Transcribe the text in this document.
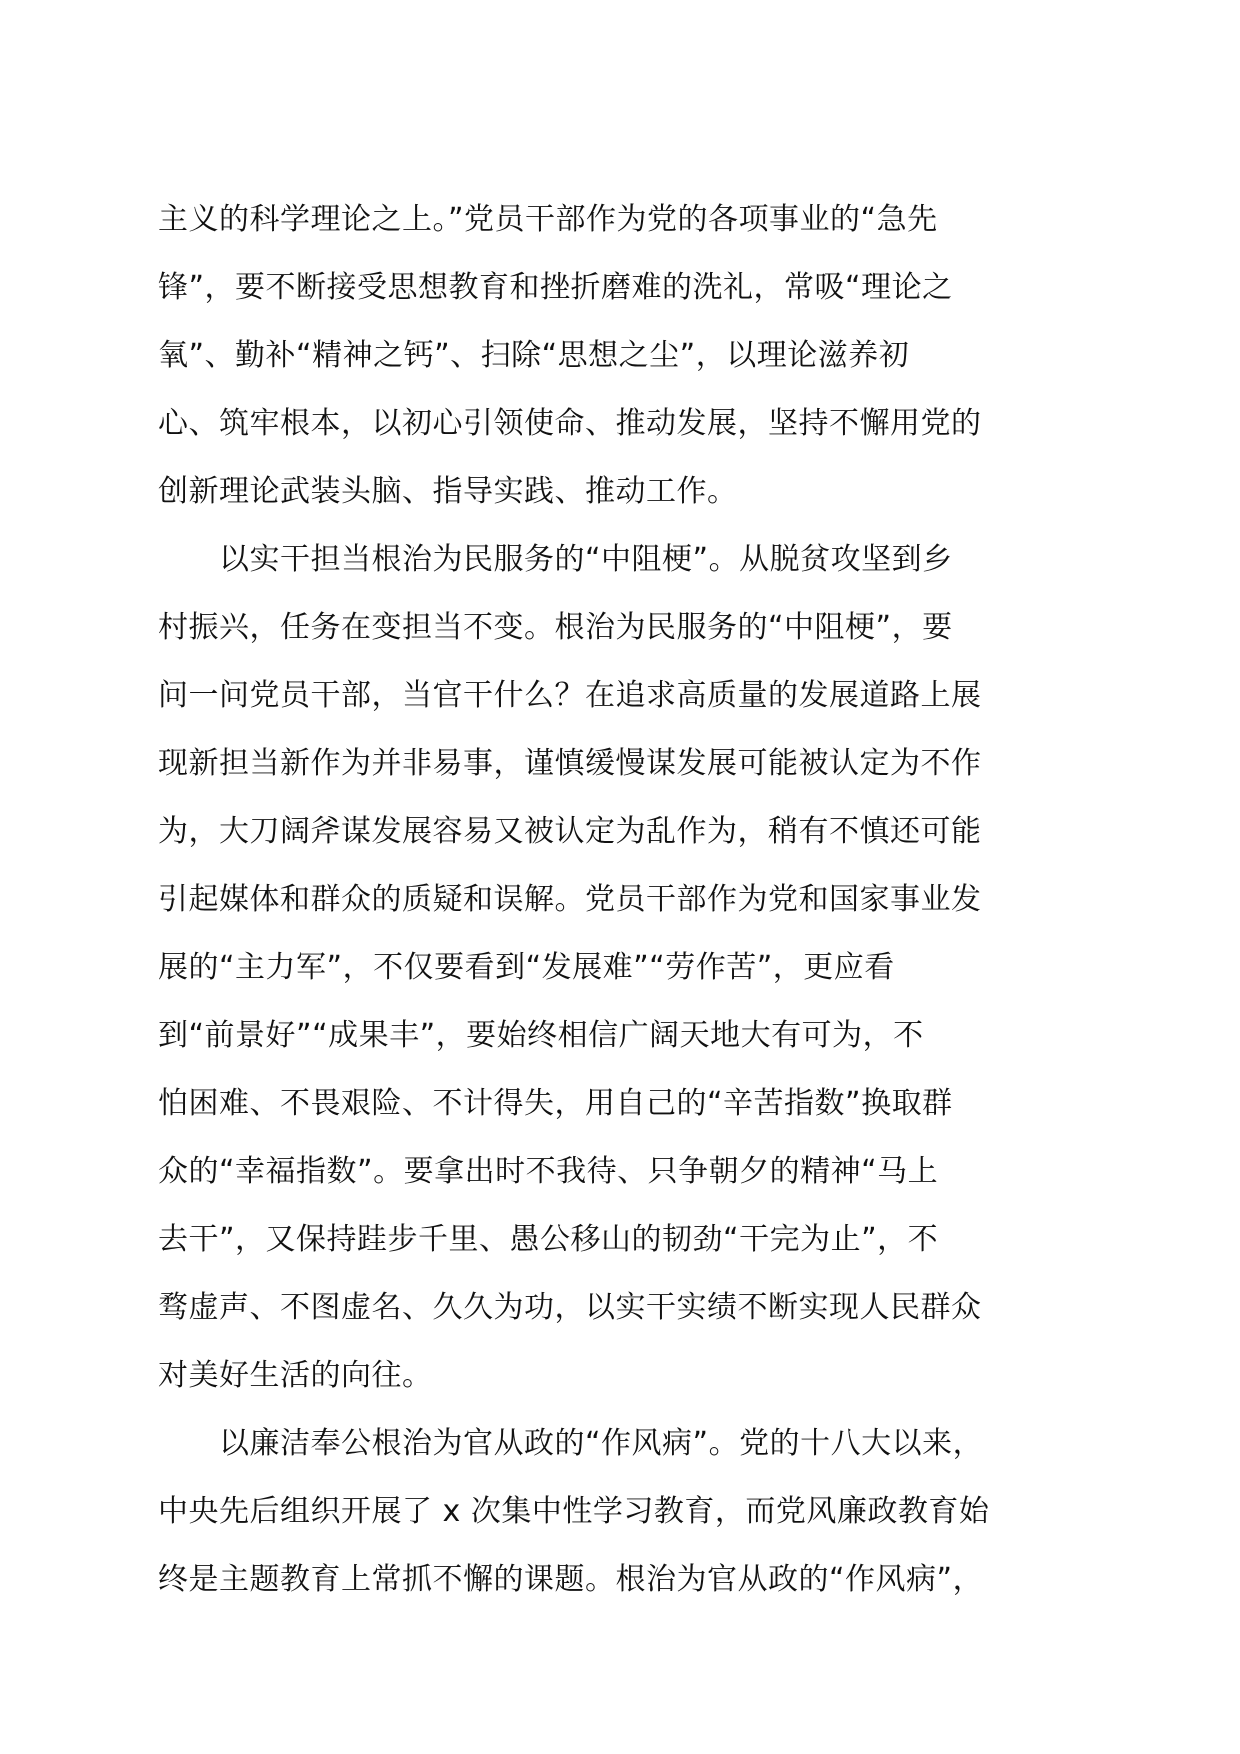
主义的科学理论之上。”党员干部作为党的各项事业的“急先
锋”，要不断接受思想教育和挫折磨难的洗礼，常吸“理论之
氧”、勤补“精神之钙”、扫除“思想之尘”，以理论滋养初
心、筑牢根本，以初心引领使命、推动发展，坚持不懈用党的
创新理论武装头脑、指导实践、推动工作。
以实干担当根治为民服务的“中阻梗”。从脱贫攻坚到乡
村振兴，任务在变担当不变。根治为民服务的“中阻梗”，要
问一问党员干部，当官干什么？在追求高质量的发展道路上展
现新担当新作为并非易事，谨慎缓慢谋发展可能被认定为不作
为，大刀阔斧谋发展容易又被认定为乱作为，稍有不慎还可能
引起媒体和群众的质疑和误解。党员干部作为党和国家事业发
展的“主力军”，不仅要看到“发展难”“劳作苦”，更应看
到“前景好”“成果丰”，要始终相信广阔天地大有可为，不
怕困难、不畏艰险、不计得失，用自己的“辛苦指数”换取群
众的“幸福指数”。要拿出时不我待、只争朝夕的精神“马上
去干”，又保持跬步千里、愚公移山的韧劲“干完为止”，不
骛虚声、不图虚名、久久为功，以实干实绩不断实现人民群众
对美好生活的向往。
以廉洁奉公根治为官从政的“作风病”。党的十八大以来，
中央先后组织开展了 x 次集中性学习教育，而党风廉政教育始
终是主题教育上常抓不懈的课题。根治为官从政的“作风病”，
